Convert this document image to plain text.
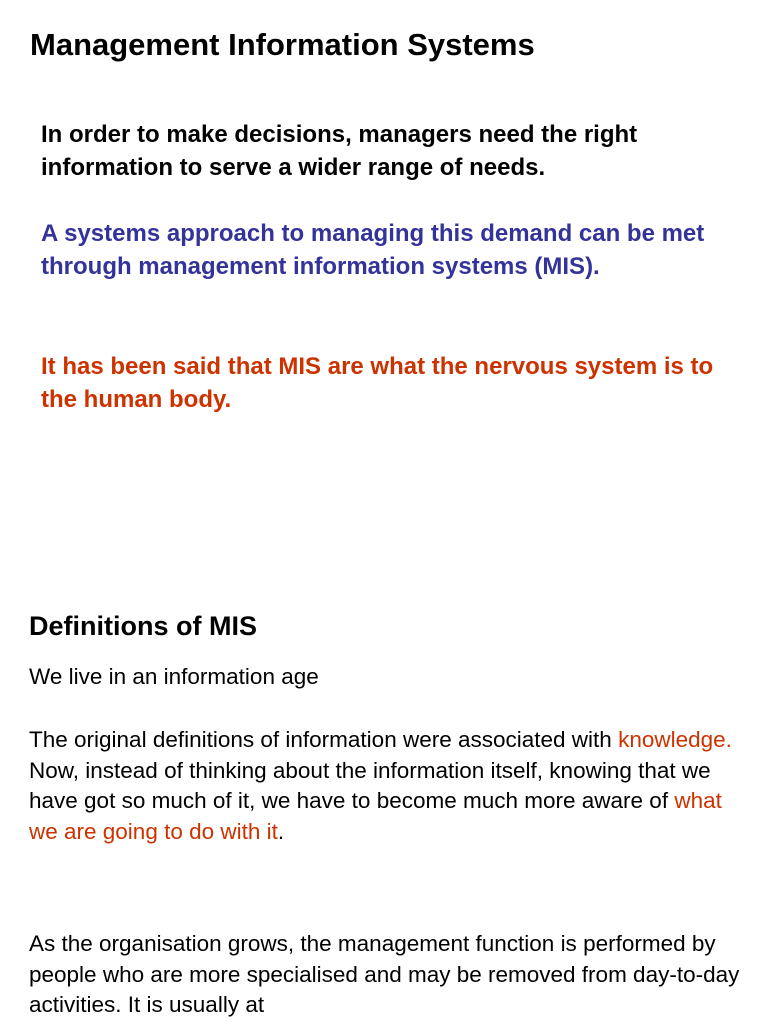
Management Information Systems

In order to make decisions, managers need the right information to serve a wider range of needs.

A systems approach to managing this demand can be met through management information systems (MIS).

It has been said that MIS are what the nervous system is to the human body.

Definitions of MIS

We live in an information age

The original definitions of information were associated with knowledge.
Now, instead of thinking about the information itself, knowing that we have got so much of it, we have to become much more aware of what we are going to do with it.

As the organisation grows, the management function is performed by people who are more specialised and may be removed from day-to-day activities. It is usually at
